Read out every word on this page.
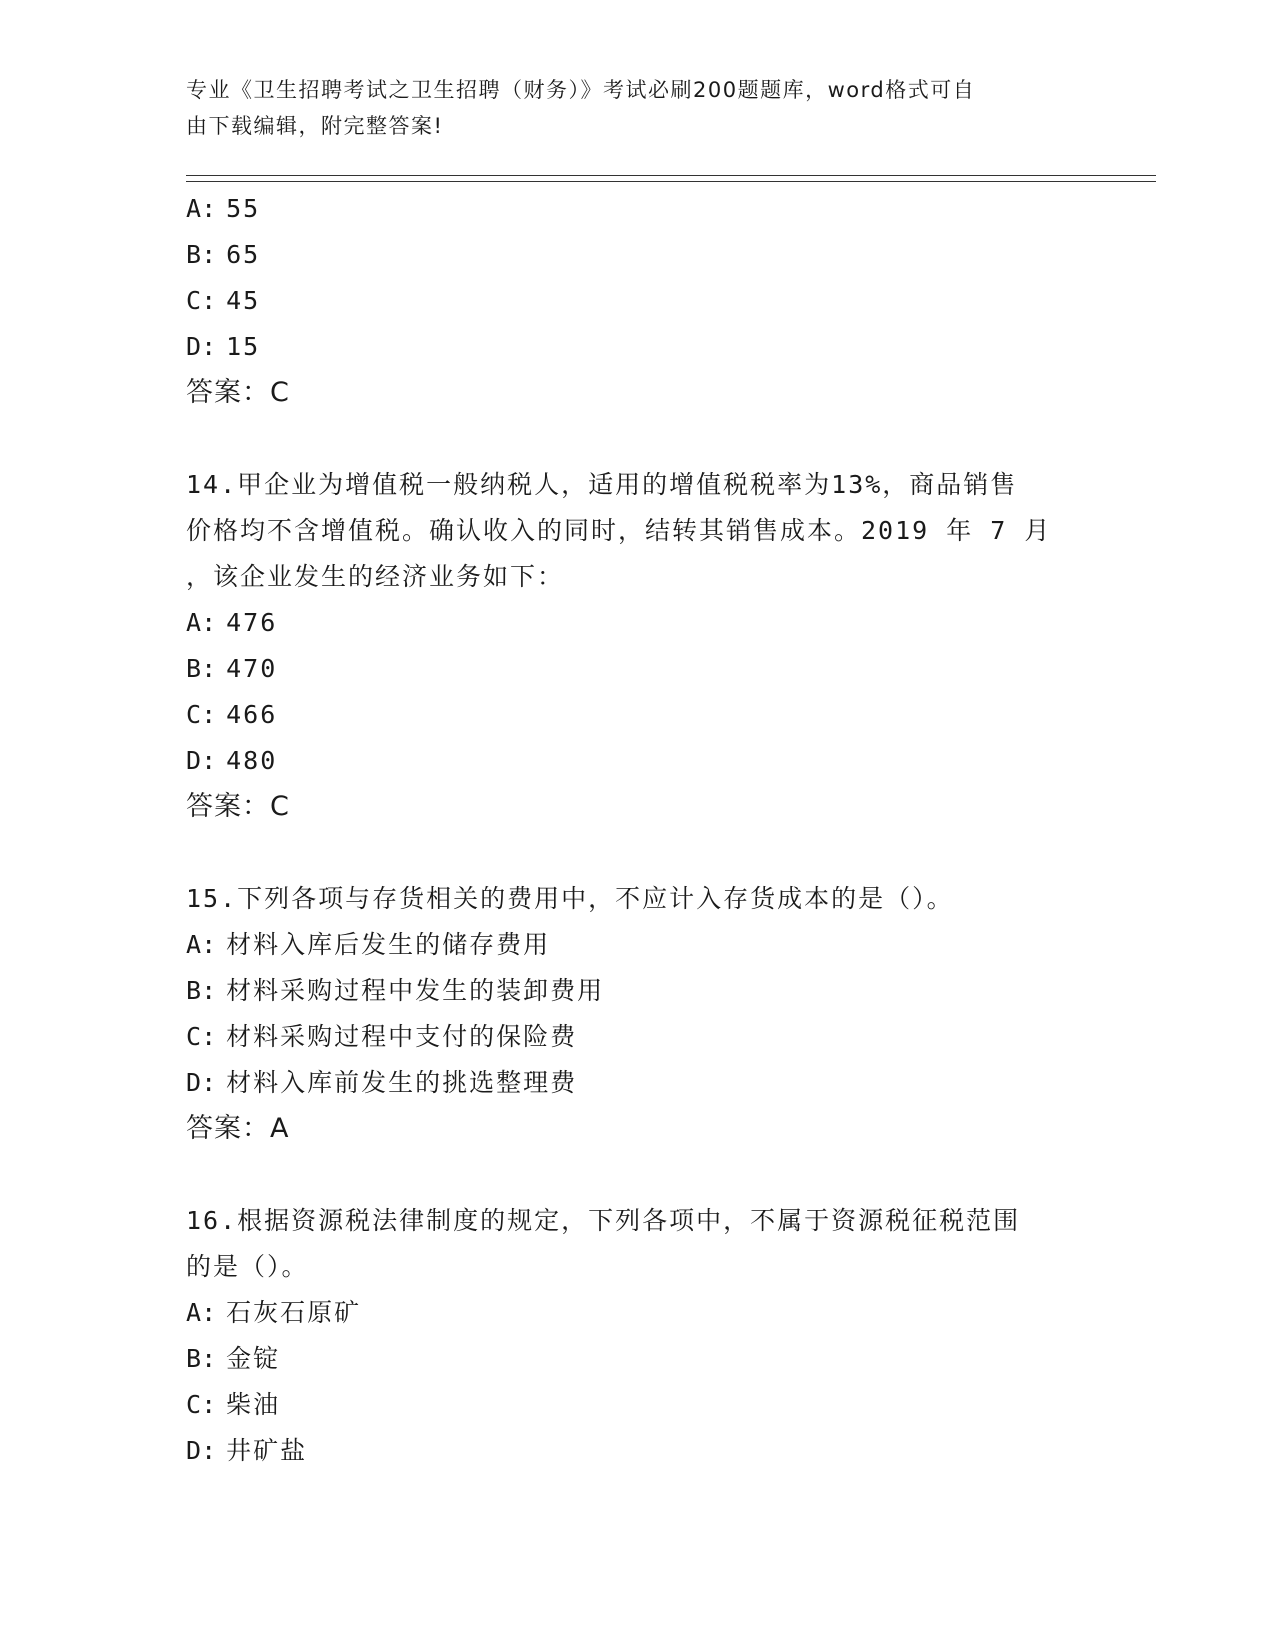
专业《卫生招聘考试之卫生招聘（财务）》考试必刷200题题库，word格式可自
由下载编辑，附完整答案!
A: 55
B: 65
C: 45
D: 15
答案：C
14.甲企业为增值税一般纳税人，适用的增值税税率为13%，商品销售
价格均不含增值税。确认收入的同时，结转其销售成本。2019 年 7 月
，该企业发生的经济业务如下：
A: 476
B: 470
C: 466
D: 480
答案：C
15.下列各项与存货相关的费用中，不应计入存货成本的是（）。
A: 材料入库后发生的储存费用
B: 材料采购过程中发生的装卸费用
C: 材料采购过程中支付的保险费
D: 材料入库前发生的挑选整理费
答案：A
16.根据资源税法律制度的规定，下列各项中，不属于资源税征税范围
的是（）。
A: 石灰石原矿
B: 金锭
C: 柴油
D: 井矿盐
